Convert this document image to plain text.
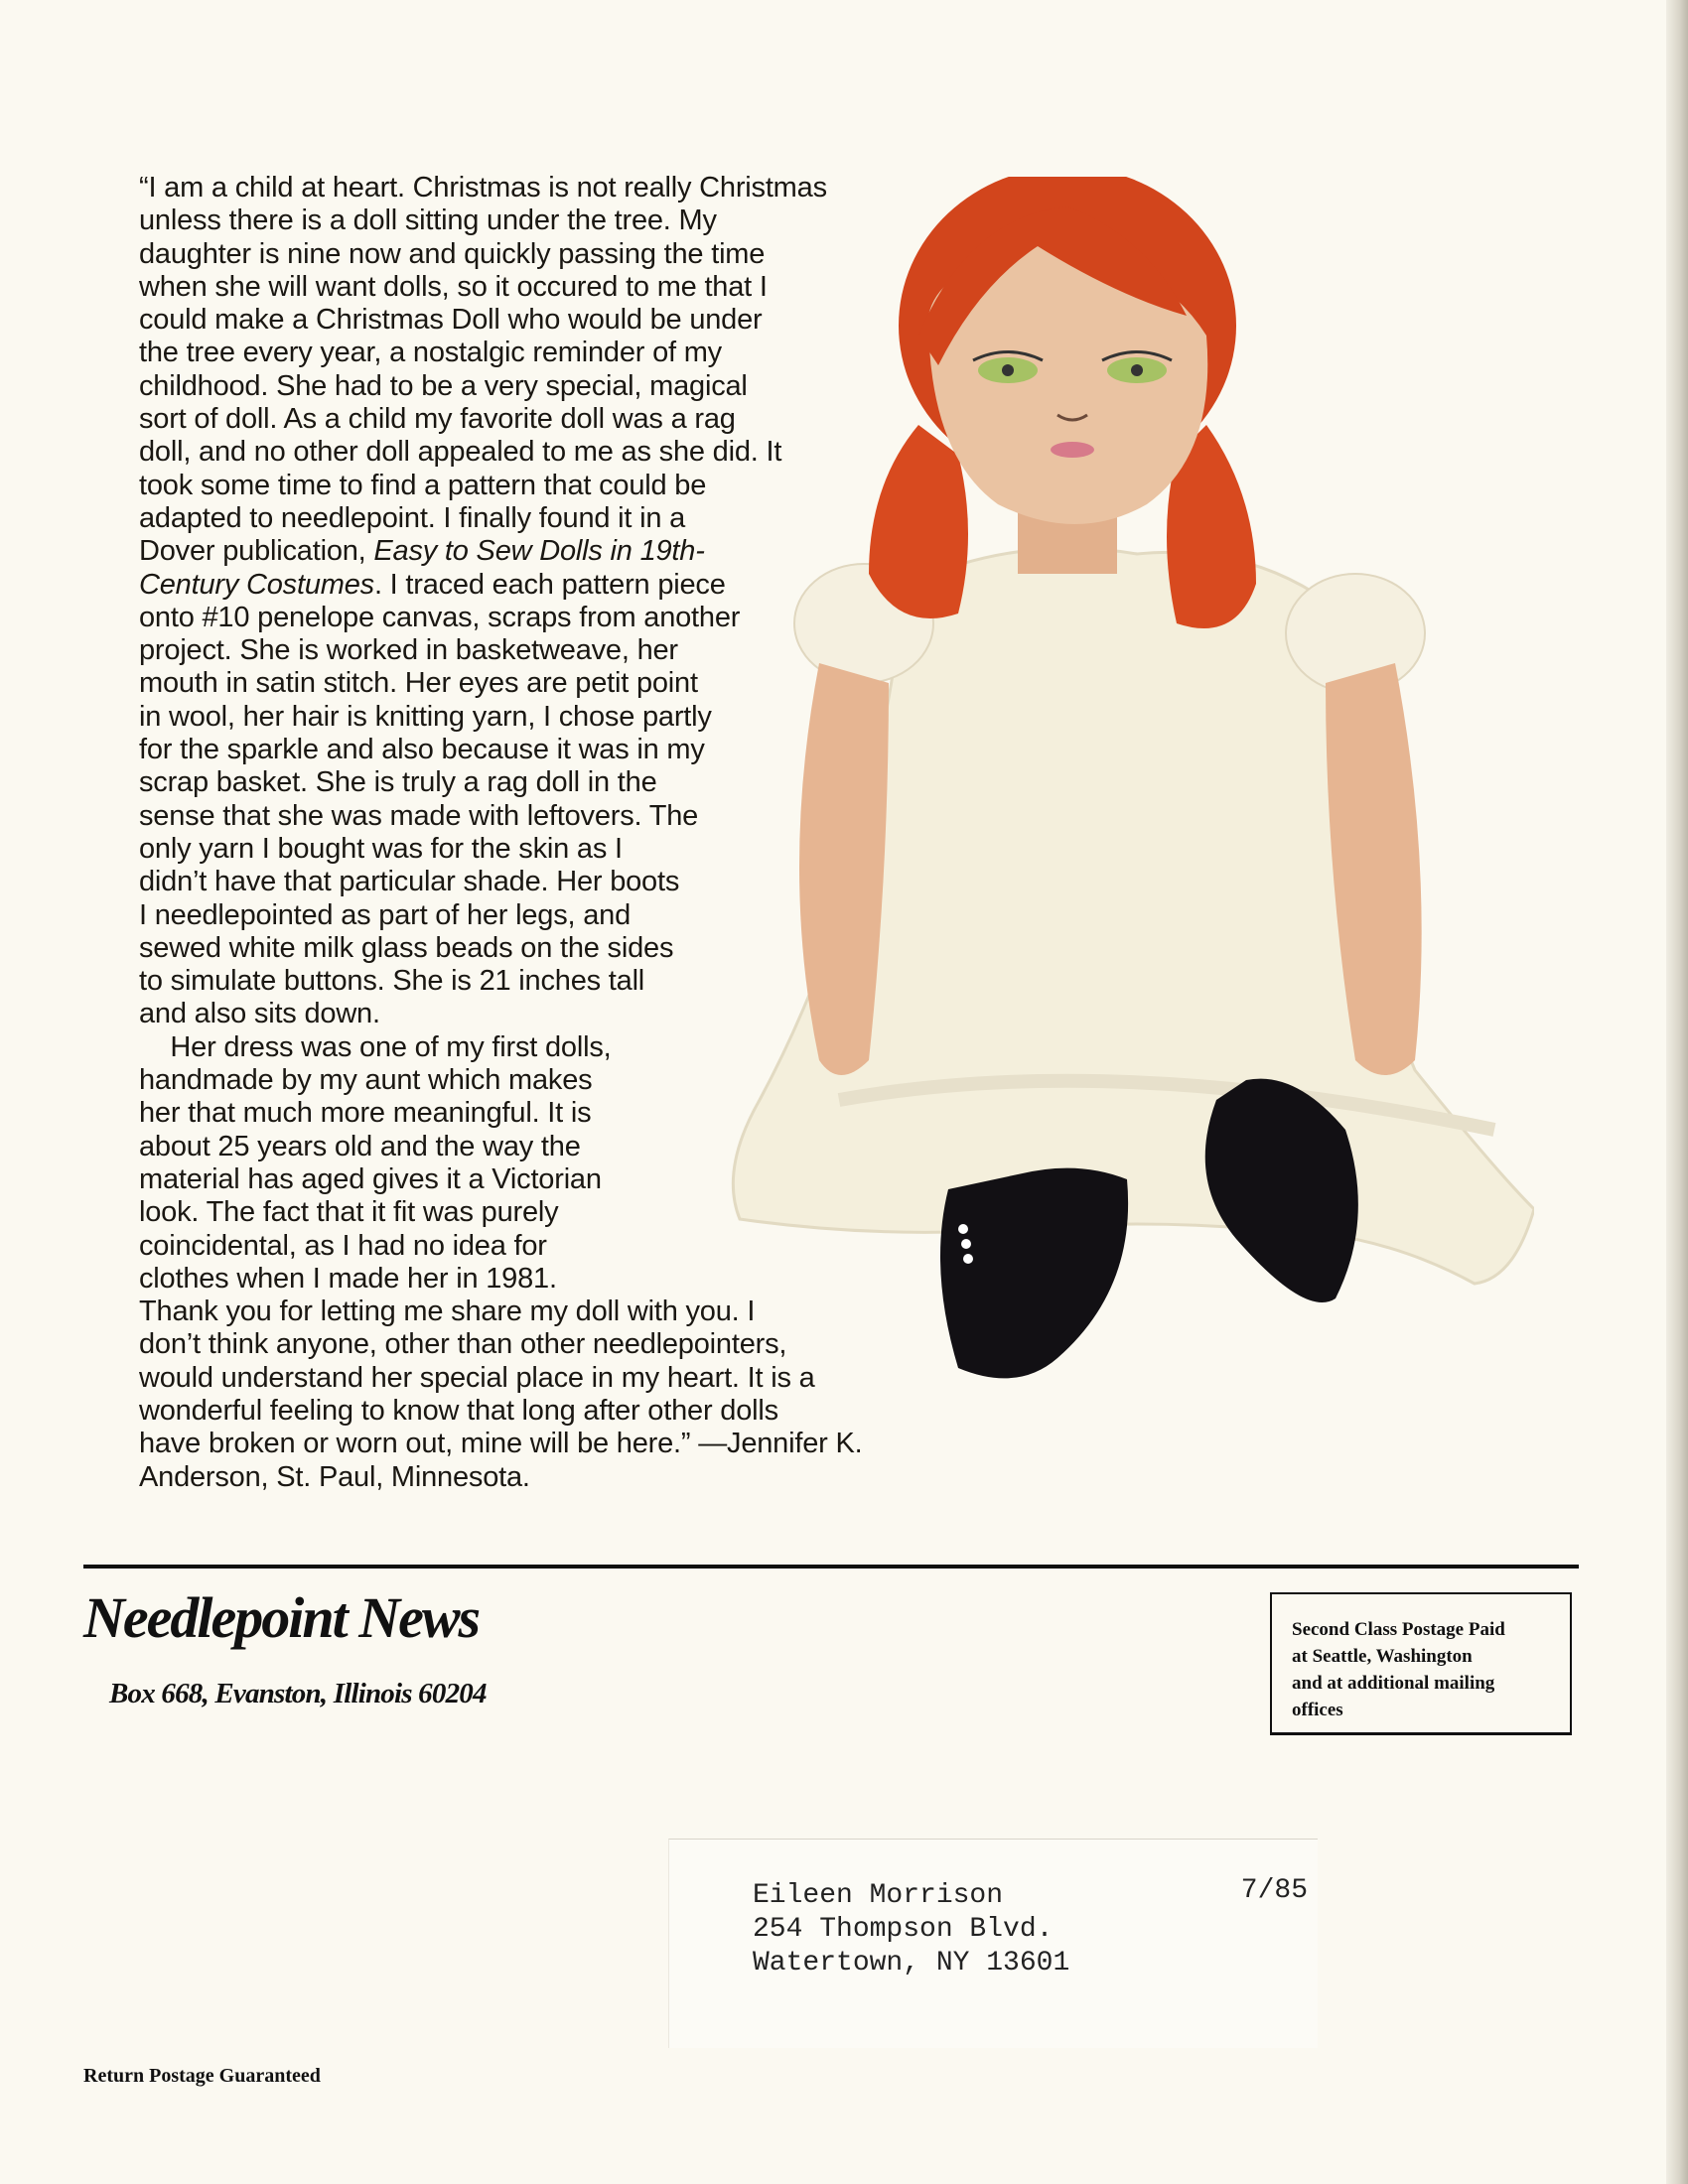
“I am a child at heart. Christmas is not really Christmas
unless there is a doll sitting under the tree. My
daughter is nine now and quickly passing the time
when she will want dolls, so it occured to me that I
could make a Christmas Doll who would be under
the tree every year, a nostalgic reminder of my
childhood. She had to be a very special, magical
sort of doll. As a child my favorite doll was a rag
doll, and no other doll appealed to me as she did. It
took some time to find a pattern that could be
adapted to needlepoint. I finally found it in a
Dover publication, Easy to Sew Dolls in 19th-
Century Costumes. I traced each pattern piece
onto #10 penelope canvas, scraps from another
project. She is worked in basketweave, her
mouth in satin stitch. Her eyes are petit point
in wool, her hair is knitting yarn, I chose partly
for the sparkle and also because it was in my
scrap basket. She is truly a rag doll in the
sense that she was made with leftovers. The
only yarn I bought was for the skin as I
didn’t have that particular shade. Her boots
I needlepointed as part of her legs, and
sewed white milk glass beads on the sides
to simulate buttons. She is 21 inches tall
and also sits down.
Her dress was one of my first dolls,
handmade by my aunt which makes
her that much more meaningful. It is
about 25 years old and the way the
material has aged gives it a Victorian
look. The fact that it fit was purely
coincidental, as I had no idea for
clothes when I made her in 1981.
Thank you for letting me share my doll with you. I
don’t think anyone, other than other needlepointers,
would understand her special place in my heart. It is a
wonderful feeling to know that long after other dolls
have broken or worn out, mine will be here.” —Jennifer K.
Anderson, St. Paul, Minnesota.
Needlepoint News
Box 668, Evanston, Illinois 60204
Second Class Postage Paid
at Seattle, Washington
and at additional mailing
offices
Eileen Morrison
254 Thompson Blvd.
Watertown, NY 13601
7/85
Return Postage Guaranteed
